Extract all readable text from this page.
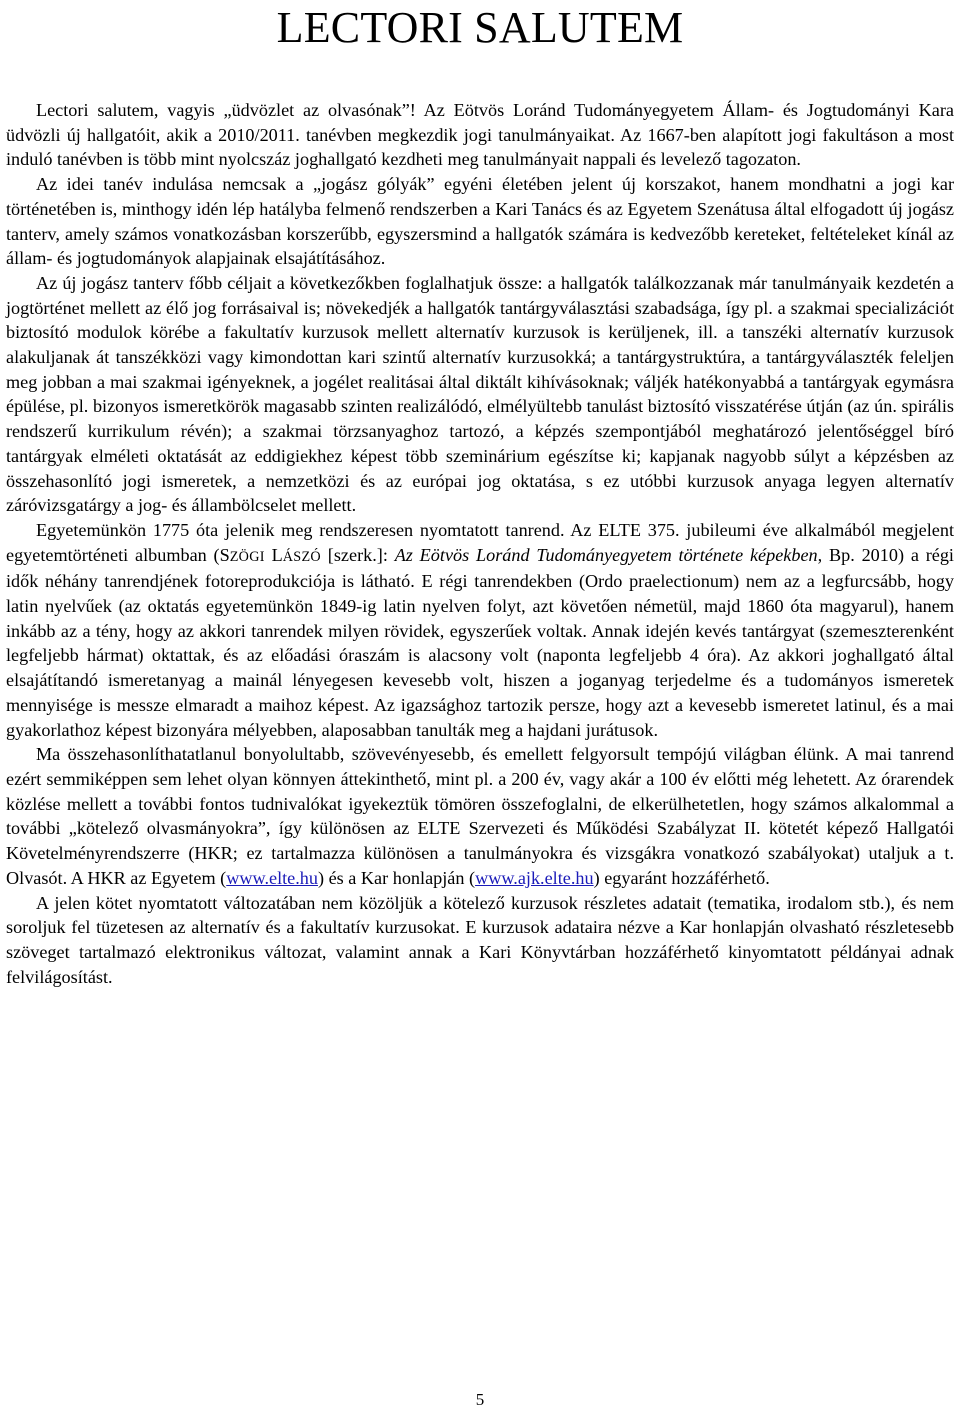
LECTORI SALUTEM

Lectori salutem, vagyis „üdvözlet az olvasónak”! Az Eötvös Loránd Tudományegyetem Állam- és Jogtudományi Kara üdvözli új hallgatóit, akik a 2010/2011. tanévben megkezdik jogi tanulmányaikat. Az 1667-ben alapított jogi fakultáson a most induló tanévben is több mint nyolcszáz joghallgató kezdheti meg tanulmányait nappali és levelező tagozaton.

Az idei tanév indulása nemcsak a „jogász gólyák” egyéni életében jelent új korszakot, hanem mondhatni a jogi kar történetében is, minthogy idén lép hatályba felmenő rendszerben a Kari Tanács és az Egyetem Szenátusa által elfogadott új jogász tanterv, amely számos vonatkozásban korszerűbb, egyszersmind a hallgatók számára is kedvezőbb kereteket, feltételeket kínál az állam- és jogtudományok alapjainak elsajátításához.

Az új jogász tanterv főbb céljait a következőkben foglalhatjuk össze: a hallgatók találkozzanak már tanulmányaik kezdetén a jogtörténet mellett az élő jog forrásaival is; növekedjék a hallgatók tantárgyválasztási szabadsága, így pl. a szakmai specializációt biztosító modulok körébe a fakultatív kurzusok mellett alternatív kurzusok is kerüljenek, ill. a tanszéki alternatív kurzusok alakuljanak át tanszékközi vagy kimondottan kari szintű alternatív kurzusokká; a tantárgystruktúra, a tantárgyválaszték feleljen meg jobban a mai szakmai igényeknek, a jogélet realitásai által diktált kihívásoknak; váljék hatékonyabbá a tantárgyak egymásra épülése, pl. bizonyos ismeretkörök magasabb szinten realizálódó, elmélyültebb tanulást biztosító visszatérése útján (az ún. spirális rendszerű kurrikulum révén); a szakmai törzsanyaghoz tartozó, a képzés szempontjából meghatározó jelentőséggel bíró tantárgyak elméleti oktatását az eddigiekhez képest több szeminárium egészítse ki; kapjanak nagyobb súlyt a képzésben az összehasonlító jogi ismeretek, a nemzetközi és az európai jog oktatása, s ez utóbbi kurzusok anyaga legyen alternatív záróvizsgatárgy a jog- és állambölcselet mellett.

Egyetemünkön 1775 óta jelenik meg rendszeresen nyomtatott tanrend. Az ELTE 375. jubileumi éve alkalmából megjelent egyetemtörténeti albumban (SZÖGI LÁSZÓ [szerk.]: Az Eötvös Loránd Tudományegyetem története képekben, Bp. 2010) a régi idők néhány tanrendjének fotoreprodukciója is látható. E régi tanrendekben (Ordo praelectionum) nem az a legfurcsább, hogy latin nyelvűek (az oktatás egyetemünkön 1849-ig latin nyelven folyt, azt követően németül, majd 1860 óta magyarul), hanem inkább az a tény, hogy az akkori tanrendek milyen rövidek, egyszerűek voltak. Annak idején kevés tantárgyat (szemeszterenként legfeljebb hármat) oktattak, és az előadási óraszám is alacsony volt (naponta legfeljebb 4 óra). Az akkori joghallgató által elsajátítandó ismeretanyag a mainál lényegesen kevesebb volt, hiszen a joganyag terjedelme és a tudományos ismeretek mennyisége is messze elmaradt a maihoz képest. Az igazsághoz tartozik persze, hogy azt a kevesebb ismeretet latinul, és a mai gyakorlathoz képest bizonyára mélyebben, alaposabban tanulták meg a hajdani jurátusok.

Ma összehasonlíthatatlanul bonyolultabb, szövevényesebb, és emellett felgyorsult tempójú világban élünk. A mai tanrend ezért semmiképpen sem lehet olyan könnyen áttekinthető, mint pl. a 200 év, vagy akár a 100 év előtti még lehetett. Az órarendek közlése mellett a további fontos tudnivalókat igyekeztük tömören összefoglalni, de elkerülhetetlen, hogy számos alkalommal a további „kötelező olvasmányokra”, így különösen az ELTE Szervezeti és Működési Szabályzat II. kötetét képező Hallgatói Követelményrendszerre (HKR; ez tartalmazza különösen a tanulmányokra és vizsgákra vonatkozó szabályokat) utaljuk a t. Olvasót. A HKR az Egyetem (www.elte.hu) és a Kar honlapján (www.ajk.elte.hu) egyaránt hozzáférhető.

A jelen kötet nyomtatott változatában nem közöljük a kötelező kurzusok részletes adatait (tematika, irodalom stb.), és nem soroljuk fel tüzetesen az alternatív és a fakultatív kurzusokat. E kurzusok adataira nézve a Kar honlapján olvasható részletesebb szöveget tartalmazó elektronikus változat, valamint annak a Kari Könyvtárban hozzáférhető kinyomtatott példányai adnak felvilágosítást.

5
